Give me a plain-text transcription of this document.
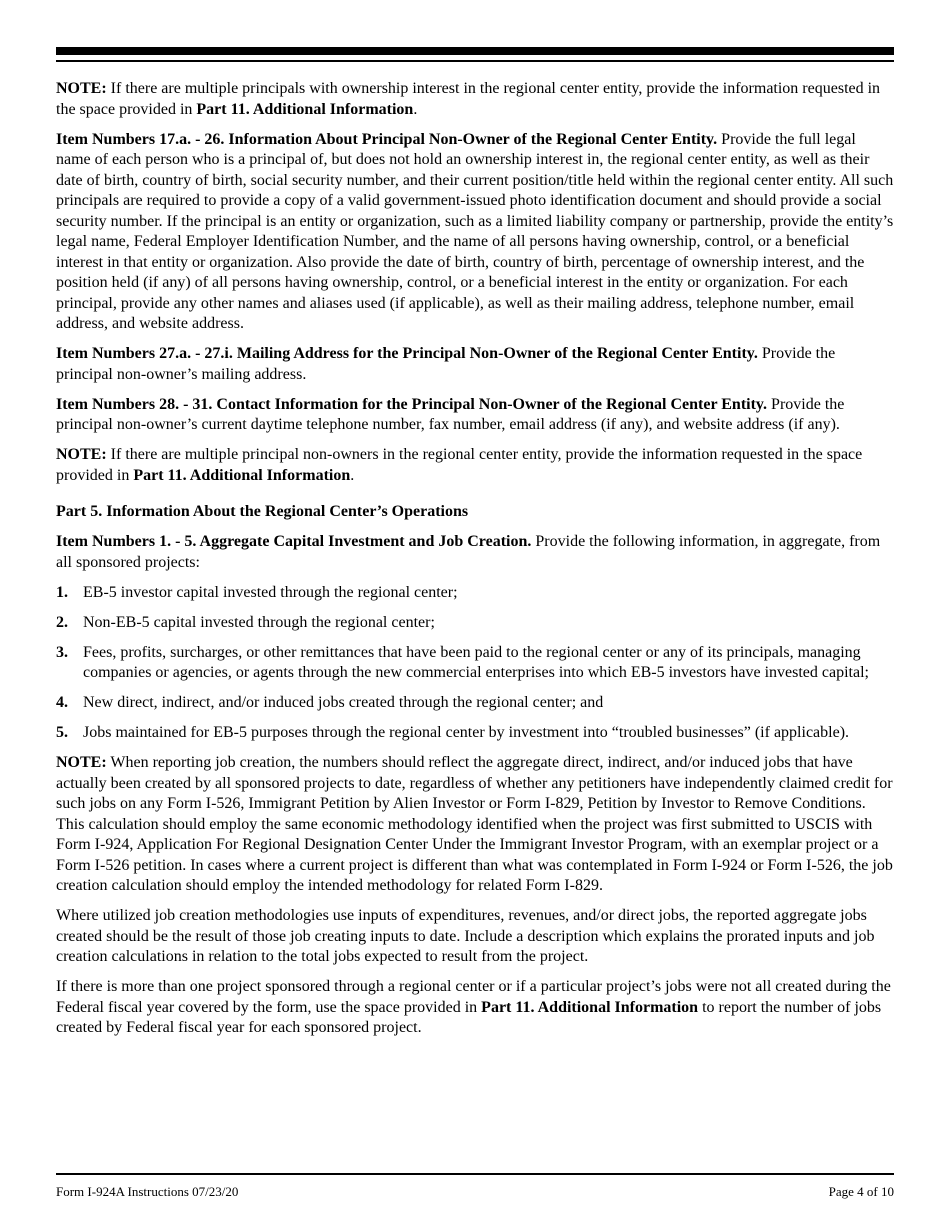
NOTE: If there are multiple principals with ownership interest in the regional center entity, provide the information requested in the space provided in Part 11. Additional Information.

Item Numbers 17.a. - 26. Information About Principal Non-Owner of the Regional Center Entity. Provide the full legal name of each person who is a principal of, but does not hold an ownership interest in, the regional center entity, as well as their date of birth, country of birth, social security number, and their current position/title held within the regional center entity. All such principals are required to provide a copy of a valid government-issued photo identification document and should provide a social security number. If the principal is an entity or organization, such as a limited liability company or partnership, provide the entity’s legal name, Federal Employer Identification Number, and the name of all persons having ownership, control, or a beneficial interest in that entity or organization. Also provide the date of birth, country of birth, percentage of ownership interest, and the position held (if any) of all persons having ownership, control, or a beneficial interest in the entity or organization. For each principal, provide any other names and aliases used (if applicable), as well as their mailing address, telephone number, email address, and website address.

Item Numbers 27.a. - 27.i. Mailing Address for the Principal Non-Owner of the Regional Center Entity. Provide the principal non-owner’s mailing address.

Item Numbers 28. - 31. Contact Information for the Principal Non-Owner of the Regional Center Entity. Provide the principal non-owner’s current daytime telephone number, fax number, email address (if any), and website address (if any).

NOTE: If there are multiple principal non-owners in the regional center entity, provide the information requested in the space provided in Part 11. Additional Information.

Part 5. Information About the Regional Center’s Operations

Item Numbers 1. - 5. Aggregate Capital Investment and Job Creation. Provide the following information, in aggregate, from all sponsored projects:

1. EB-5 investor capital invested through the regional center;
2. Non-EB-5 capital invested through the regional center;
3. Fees, profits, surcharges, or other remittances that have been paid to the regional center or any of its principals, managing companies or agencies, or agents through the new commercial enterprises into which EB-5 investors have invested capital;
4. New direct, indirect, and/or induced jobs created through the regional center; and
5. Jobs maintained for EB-5 purposes through the regional center by investment into “troubled businesses” (if applicable).

NOTE: When reporting job creation, the numbers should reflect the aggregate direct, indirect, and/or induced jobs that have actually been created by all sponsored projects to date, regardless of whether any petitioners have independently claimed credit for such jobs on any Form I-526, Immigrant Petition by Alien Investor or Form I-829, Petition by Investor to Remove Conditions. This calculation should employ the same economic methodology identified when the project was first submitted to USCIS with Form I-924, Application For Regional Designation Center Under the Immigrant Investor Program, with an exemplar project or a Form I-526 petition. In cases where a current project is different than what was contemplated in Form I-924 or Form I-526, the job creation calculation should employ the intended methodology for related Form I-829.

Where utilized job creation methodologies use inputs of expenditures, revenues, and/or direct jobs, the reported aggregate jobs created should be the result of those job creating inputs to date. Include a description which explains the prorated inputs and job creation calculations in relation to the total jobs expected to result from the project.

If there is more than one project sponsored through a regional center or if a particular project’s jobs were not all created during the Federal fiscal year covered by the form, use the space provided in Part 11. Additional Information to report the number of jobs created by Federal fiscal year for each sponsored project.

Form I-924A Instructions 07/23/20	Page 4 of 10
